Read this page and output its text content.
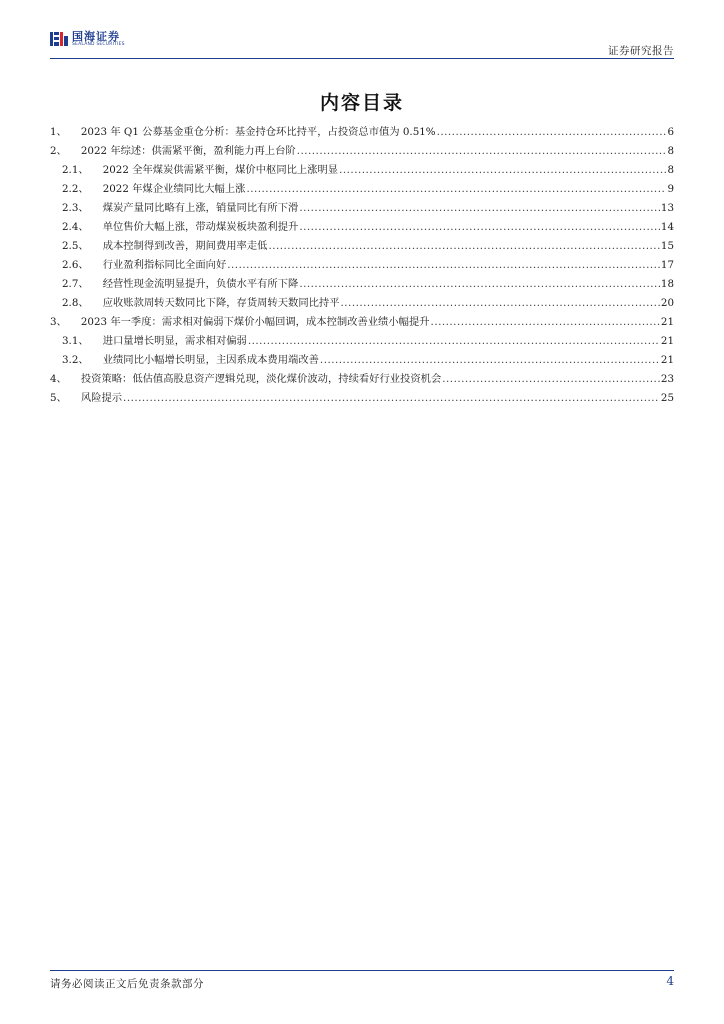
国海证券
SEALAND SECURITIES
证券研究报告
内容目录
1、 2023 年 Q1 公募基金重仓分析：基金持仓环比持平，占投资总市值为 0.51% .....	6
2、 2022 年综述：供需紧平衡，盈利能力再上台阶 .....	8
2.1、 2022 全年煤炭供需紧平衡，煤价中枢同比上涨明显 .....	8
2.2、 2022 年煤企业绩同比大幅上涨 .....	9
2.3、 煤炭产量同比略有上涨，销量同比有所下滑 .....	13
2.4、 单位售价大幅上涨，带动煤炭板块盈利提升 .....	14
2.5、 成本控制得到改善，期间费用率走低 .....	15
2.6、 行业盈利指标同比全面向好 .....	17
2.7、 经营性现金流明显提升，负债水平有所下降 .....	18
2.8、 应收账款周转天数同比下降，存货周转天数同比持平 .....	20
3、 2023 年一季度：需求相对偏弱下煤价小幅回调，成本控制改善业绩小幅提升 .....	21
3.1、 进口量增长明显，需求相对偏弱 .....	21
3.2、 业绩同比小幅增长明显，主因系成本费用端改善 .....	21
4、 投资策略：低估值高股息资产逻辑兑现，淡化煤价波动，持续看好行业投资机会 .....	23
5、 风险提示 .....	25
请务必阅读正文后免责条款部分	4
